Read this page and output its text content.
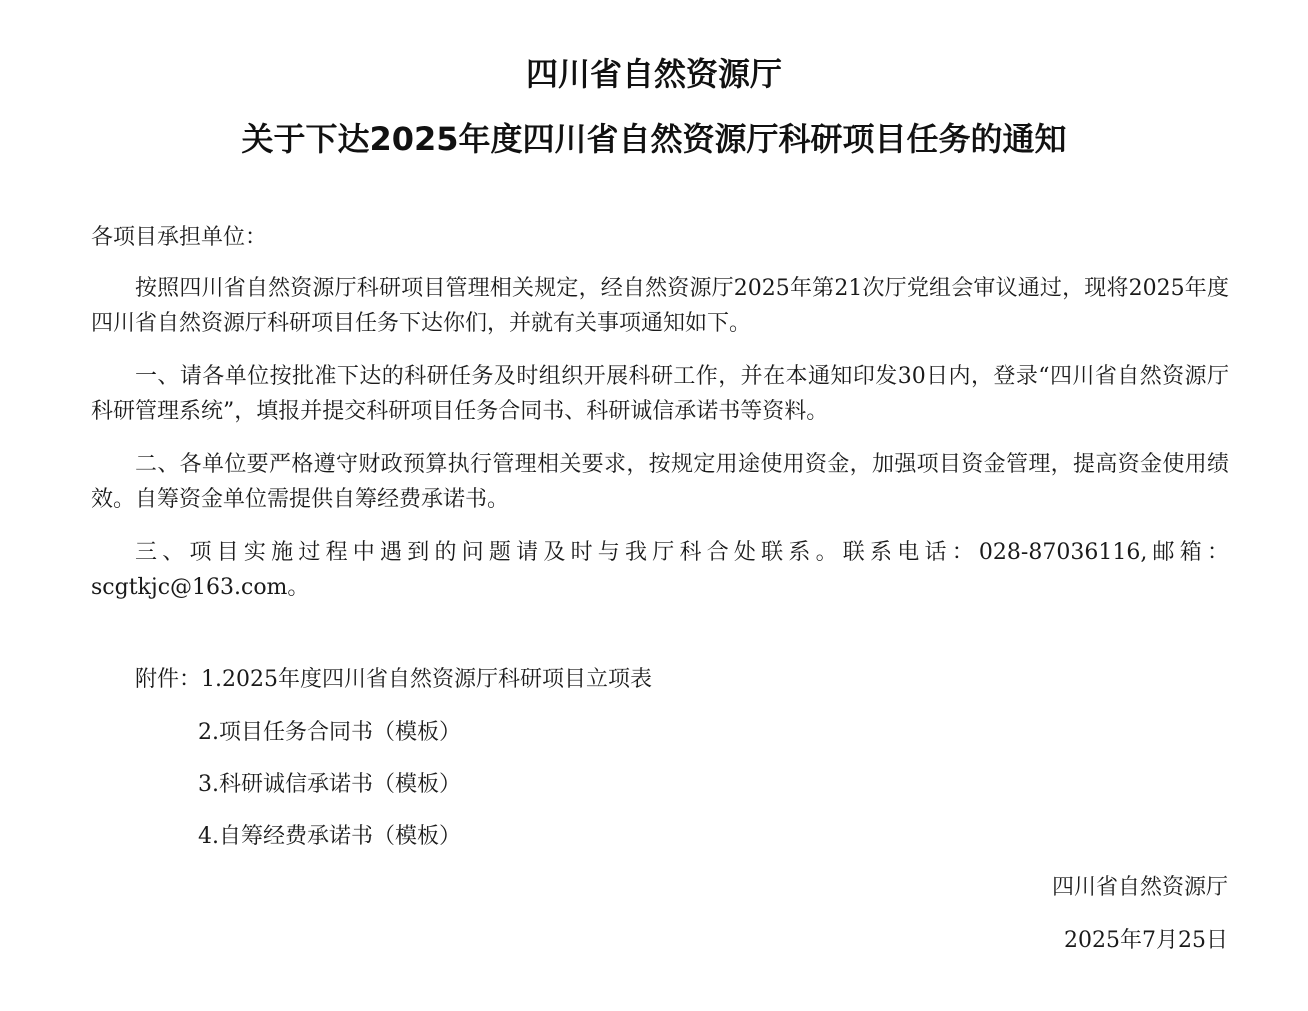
四川省自然资源厅
关于下达2025年度四川省自然资源厅科研项目任务的通知
各项目承担单位：

按照四川省自然资源厅科研项目管理相关规定，经自然资源厅2025年第21次厅党组会审议通过，现将2025年度四川省自然资源厅科研项目任务下达你们，并就有关事项通知如下。

一、请各单位按批准下达的科研任务及时组织开展科研工作，并在本通知印发30日内，登录“四川省自然资源厅科研管理系统”，填报并提交科研项目任务合同书、科研诚信承诺书等资料。

二、各单位要严格遵守财政预算执行管理相关要求，按规定用途使用资金，加强项目资金管理，提高资金使用绩效。自筹资金单位需提供自筹经费承诺书。

三、项目实施过程中遇到的问题请及时与我厅科合处联系。联系电话：028-87036116,邮箱：scgtkjc@163.com。

附件：1.2025年度四川省自然资源厅科研项目立项表
2.项目任务合同书（模板）
3.科研诚信承诺书（模板）
4.自筹经费承诺书（模板）
四川省自然资源厅
2025年7月25日
